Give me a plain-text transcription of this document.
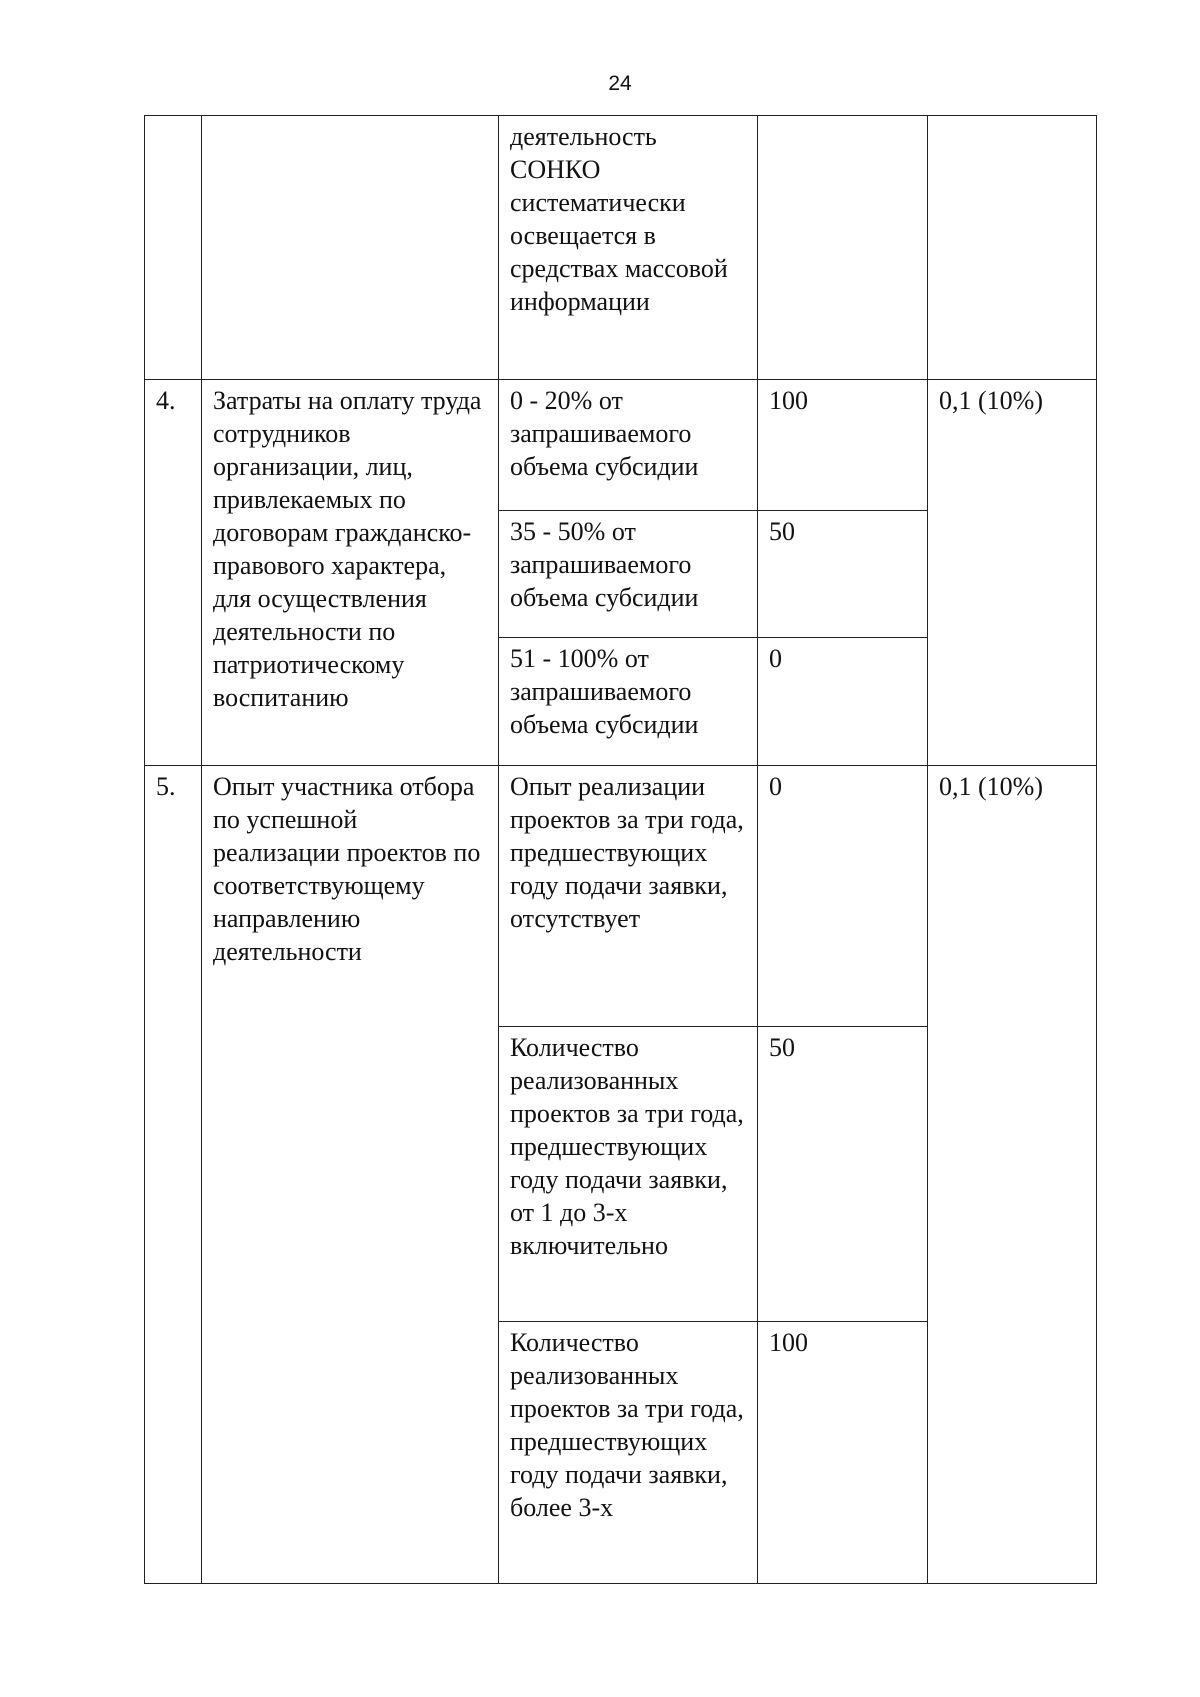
24
		деятельность СОНКО систематически освещается в средствах массовой информации		
4.	Затраты на оплату труда сотрудников организации, лиц, привлекаемых по договорам гражданско-правового характера, для осуществления деятельности по патриотическому воспитанию	0 - 20% от запрашиваемого объема субсидии	100	0,1 (10%)
		35 - 50% от запрашиваемого объема субсидии	50	
		51 - 100% от запрашиваемого объема субсидии	0	
5.	Опыт участника отбора по успешной реализации проектов по соответствующему направлению деятельности	Опыт реализации проектов за три года, предшествующих году подачи заявки, отсутствует	0	0,1 (10%)
		Количество реализованных проектов за три года, предшествующих году подачи заявки, от 1 до 3-х включительно	50	
		Количество реализованных проектов за три года, предшествующих году подачи заявки, более 3-х	100	
